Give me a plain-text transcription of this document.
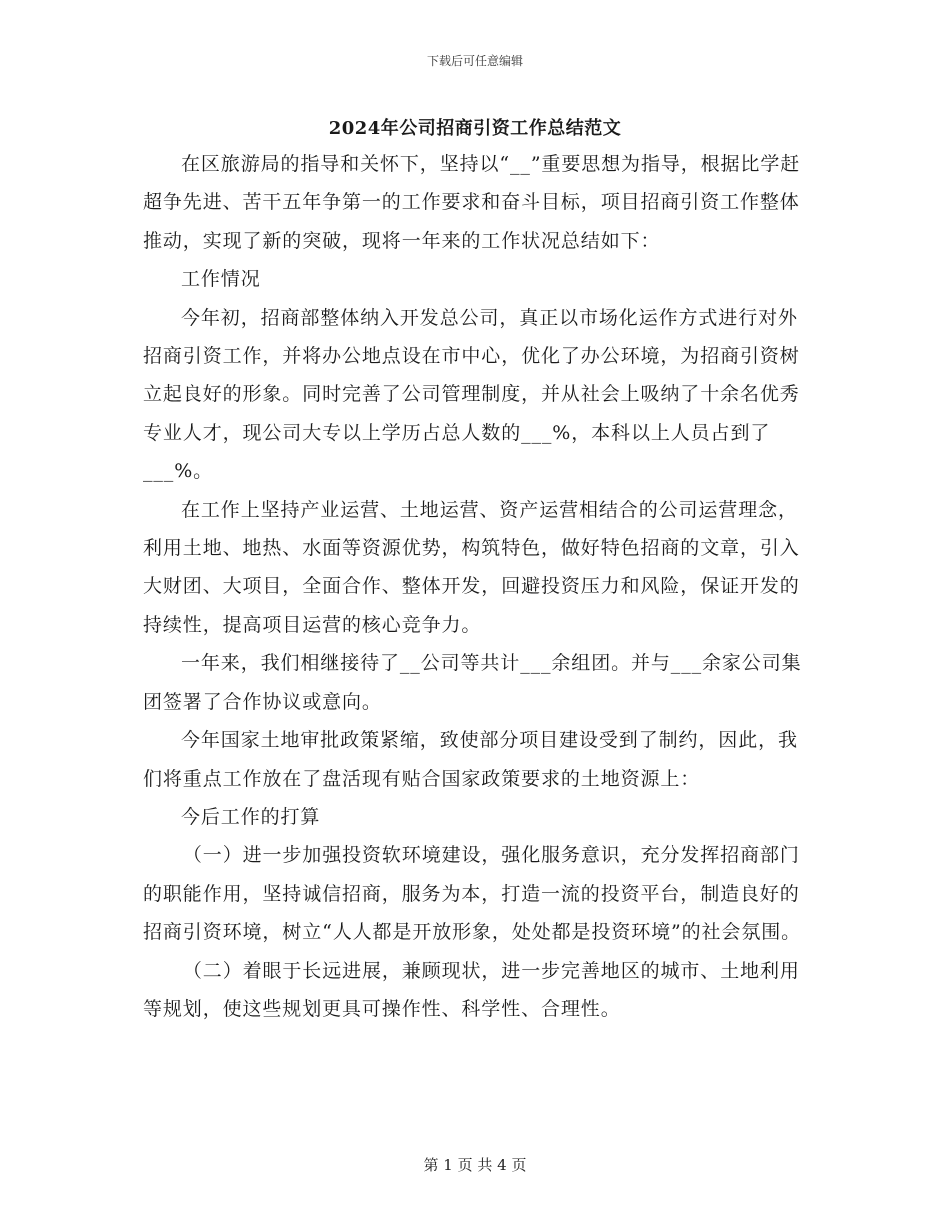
下载后可任意编辑
2024年公司招商引资工作总结范文

在区旅游局的指导和关怀下，坚持以“__”重要思想为指导，根据比学赶超争先进、苦干五年争第一的工作要求和奋斗目标，项目招商引资工作整体推动，实现了新的突破，现将一年来的工作状况总结如下：

工作情况

今年初，招商部整体纳入开发总公司，真正以市场化运作方式进行对外招商引资工作，并将办公地点设在市中心，优化了办公环境，为招商引资树立起良好的形象。同时完善了公司管理制度，并从社会上吸纳了十余名优秀专业人才，现公司大专以上学历占总人数的___%，本科以上人员占到了___%。

在工作上坚持产业运营、土地运营、资产运营相结合的公司运营理念，利用土地、地热、水面等资源优势，构筑特色，做好特色招商的文章，引入大财团、大项目，全面合作、整体开发，回避投资压力和风险，保证开发的持续性，提高项目运营的核心竞争力。

一年来，我们相继接待了__公司等共计___余组团。并与___余家公司集团签署了合作协议或意向。

今年国家土地审批政策紧缩，致使部分项目建设受到了制约，因此，我们将重点工作放在了盘活现有贴合国家政策要求的土地资源上：

今后工作的打算

（一）进一步加强投资软环境建设，强化服务意识，充分发挥招商部门的职能作用，坚持诚信招商，服务为本，打造一流的投资平台，制造良好的招商引资环境，树立“人人都是开放形象，处处都是投资环境”的社会氛围。

（二）着眼于长远进展，兼顾现状，进一步完善地区的城市、土地利用等规划，使这些规划更具可操作性、科学性、合理性。

第 1 页 共 4 页
